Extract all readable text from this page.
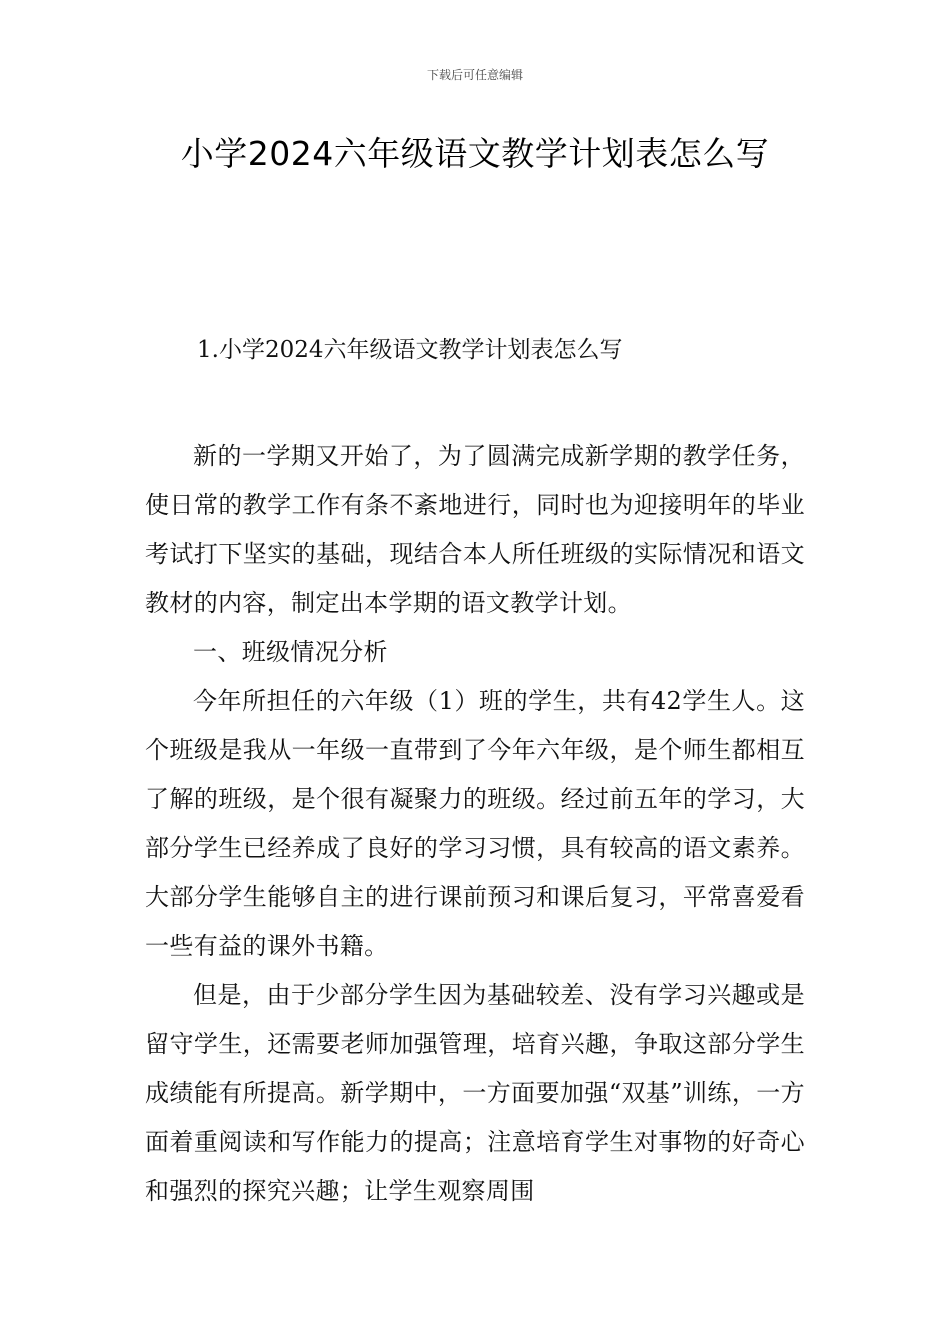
下载后可任意编辑
小学2024六年级语文教学计划表怎么写

1.小学2024六年级语文教学计划表怎么写

新的一学期又开始了，为了圆满完成新学期的教学任务，使日常的教学工作有条不紊地进行，同时也为迎接明年的毕业考试打下坚实的基础，现结合本人所任班级的实际情况和语文教材的内容，制定出本学期的语文教学计划。

一、班级情况分析

今年所担任的六年级（1）班的学生，共有42学生人。这个班级是我从一年级一直带到了今年六年级，是个师生都相互了解的班级，是个很有凝聚力的班级。经过前五年的学习，大部分学生已经养成了良好的学习习惯，具有较高的语文素养。大部分学生能够自主的进行课前预习和课后复习，平常喜爱看一些有益的课外书籍。

但是，由于少部分学生因为基础较差、没有学习兴趣或是留守学生，还需要老师加强管理，培育兴趣，争取这部分学生成绩能有所提高。新学期中，一方面要加强“双基”训练，一方面着重阅读和写作能力的提高；注意培育学生对事物的好奇心和强烈的探究兴趣；让学生观察周围
